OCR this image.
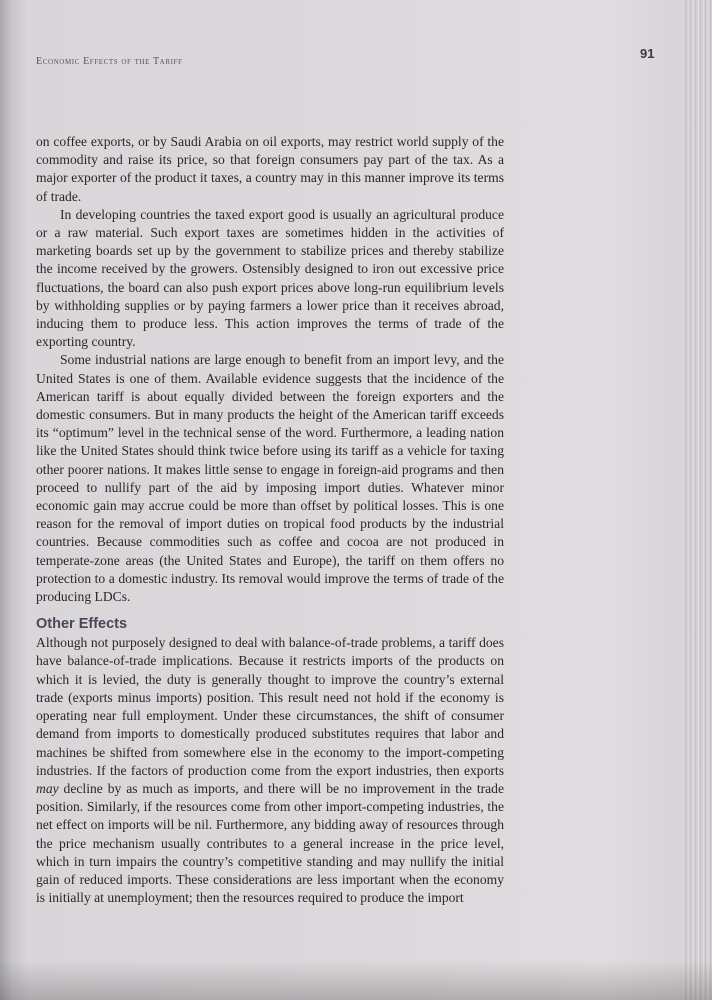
Economic Effects of the Tariff
91

on coffee exports, or by Saudi Arabia on oil exports, may restrict world supply of the commodity and raise its price, so that foreign consumers pay part of the tax. As a major exporter of the product it taxes, a country may in this manner improve its terms of trade.

In developing countries the taxed export good is usually an agricultural produce or a raw material. Such export taxes are sometimes hidden in the activities of marketing boards set up by the government to stabilize prices and thereby stabilize the income received by the growers. Ostensibly designed to iron out excessive price fluctuations, the board can also push export prices above long-run equilibrium levels by withholding supplies or by paying farmers a lower price than it receives abroad, inducing them to produce less. This action improves the terms of trade of the exporting country.

Some industrial nations are large enough to benefit from an import levy, and the United States is one of them. Available evidence suggests that the incidence of the American tariff is about equally divided between the foreign exporters and the domestic consumers. But in many products the height of the American tariff exceeds its “optimum” level in the technical sense of the word. Furthermore, a leading nation like the United States should think twice before using its tariff as a vehicle for taxing other poorer nations. It makes little sense to engage in foreign-aid programs and then proceed to nullify part of the aid by imposing import duties. Whatever minor economic gain may accrue could be more than offset by political losses. This is one reason for the removal of import duties on tropical food products by the industrial countries. Because commodities such as coffee and cocoa are not produced in temperate-zone areas (the United States and Europe), the tariff on them offers no protection to a domestic industry. Its removal would improve the terms of trade of the producing LDCs.

Other Effects

Although not purposely designed to deal with balance-of-trade problems, a tariff does have balance-of-trade implications. Because it restricts imports of the products on which it is levied, the duty is generally thought to improve the country’s external trade (exports minus imports) position. This result need not hold if the economy is operating near full employment. Under these circumstances, the shift of consumer demand from imports to domestically produced substitutes requires that labor and machines be shifted from somewhere else in the economy to the import-competing industries. If the factors of production come from the export industries, then exports may decline by as much as imports, and there will be no improvement in the trade position. Similarly, if the resources come from other import-competing industries, the net effect on imports will be nil. Furthermore, any bidding away of resources through the price mechanism usually contributes to a general increase in the price level, which in turn impairs the country’s competitive standing and may nullify the initial gain of reduced imports. These considerations are less important when the economy is initially at unemployment; then the resources required to produce the import
